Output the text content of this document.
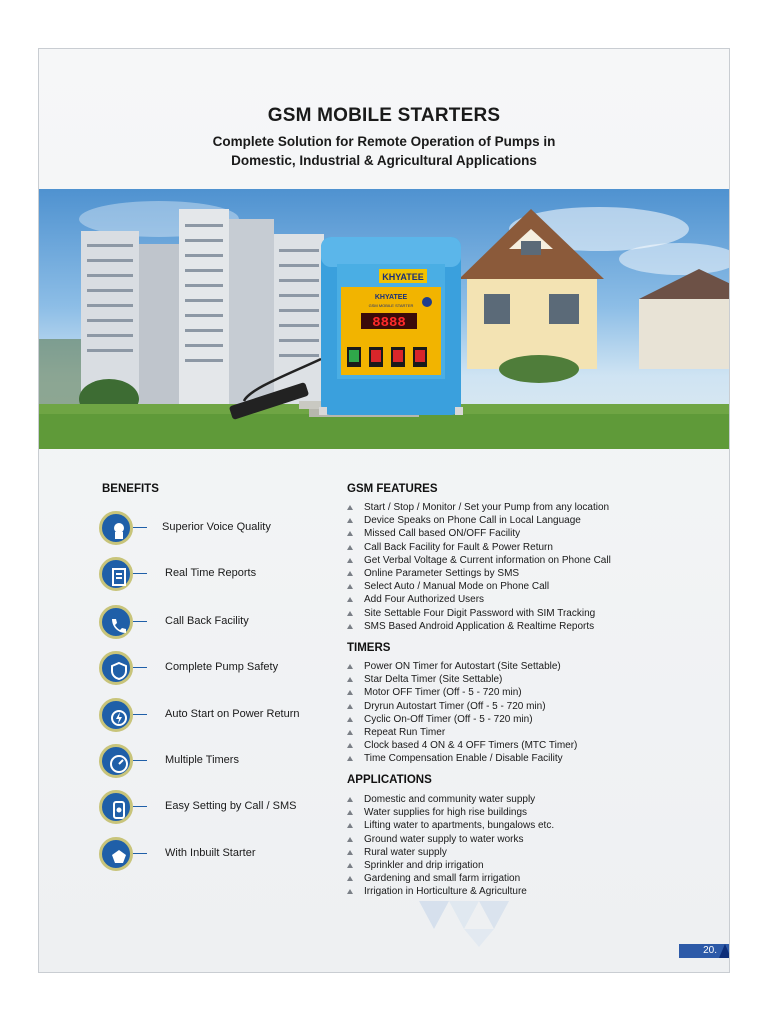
GSM MOBILE STARTERS
Complete Solution for Remote Operation of Pumps in
Domestic, Industrial & Agricultural Applications
KHYATEE
KHYATEE
GSM MOBILE STARTER
8888
BENEFITS
Superior Voice Quality
Real Time Reports
Call Back Facility
Complete Pump Safety
Auto Start on Power Return
Multiple Timers
Easy Setting by Call / SMS
With Inbuilt Starter
GSM FEATURES
Start / Stop / Monitor / Set your Pump from any location
Device Speaks on Phone Call in Local Language
Missed Call based ON/OFF Facility
Call Back Facility for Fault & Power Return
Get Verbal Voltage & Current information on Phone Call
Online Parameter Settings by SMS
Select Auto / Manual Mode on Phone Call
Add Four Authorized Users
Site Settable Four Digit Password with SIM Tracking
SMS Based Android Application & Realtime Reports
TIMERS
Power ON Timer for Autostart (Site Settable)
Star Delta Timer (Site Settable)
Motor OFF Timer (Off - 5 - 720 min)
Dryrun Autostart Timer (Off - 5 - 720 min)
Cyclic On-Off Timer (Off - 5 - 720 min)
Repeat Run Timer
Clock based 4 ON & 4 OFF Timers (MTC Timer)
Time Compensation Enable / Disable Facility
APPLICATIONS
Domestic and community water supply
Water supplies for high rise buildings
Lifting water to apartments, bungalows etc.
Ground water supply to water works
Rural water supply
Sprinkler and drip irrigation
Gardening and small farm irrigation
Irrigation in Horticulture & Agriculture
20.
